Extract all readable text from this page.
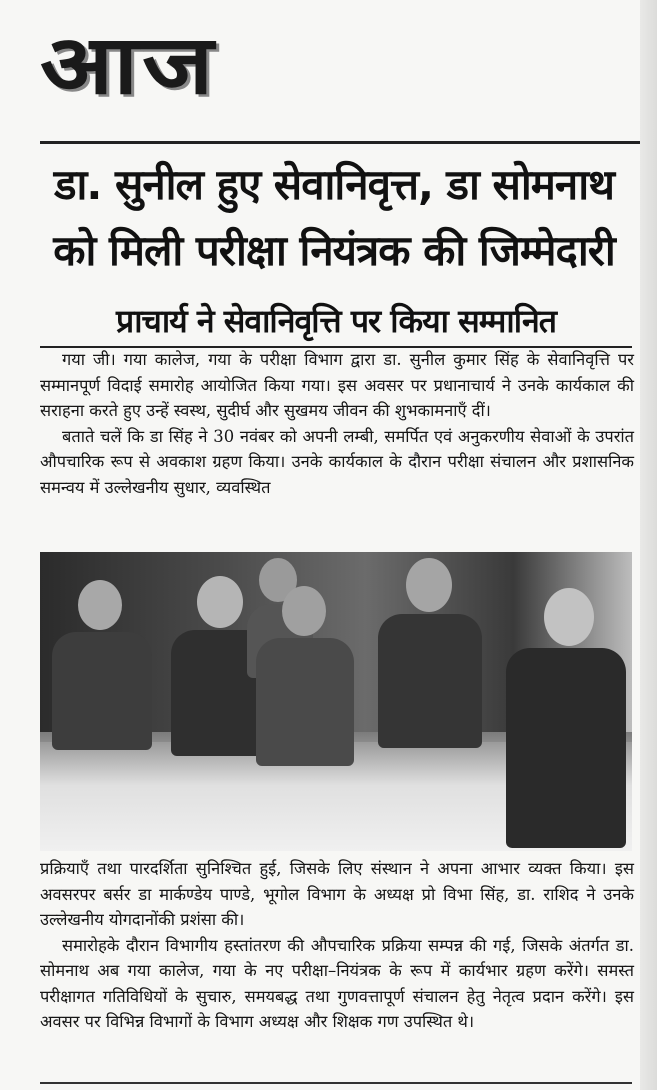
आज
डा. सुनील हुए सेवानिवृत्त, डा सोमनाथ
को मिली परीक्षा नियंत्रक की जिम्मेदारी
प्राचार्य ने सेवानिवृत्ति पर किया सम्मानित

गया जी। गया कालेज, गया के परीक्षा विभाग द्वारा डा. सुनील कुमार सिंह के सेवानिवृत्ति पर सम्मानपूर्ण विदाई समारोह आयोजित किया गया। इस अवसर पर प्रधानाचार्य ने उनके कार्यकाल की सराहना करते हुए उन्हें स्वस्थ, सुदीर्घ और सुखमय जीवन की शुभकामनाएँ दीं।

बताते चलें कि डा सिंह ने 30 नवंबर को अपनी लम्बी, समर्पित एवं अनुकरणीय सेवाओं के उपरांत औपचारिक रूप से अवकाश ग्रहण किया। उनके कार्यकाल के दौरान परीक्षा संचालन और प्रशासनिक समन्वय में उल्लेखनीय सुधार, व्यवस्थित

प्रक्रियाएँ तथा पारदर्शिता सुनिश्चित हुई, जिसके लिए संस्थान ने अपना आभार व्यक्त किया। इस अवसरपर बर्सर डा मार्कण्डेय पाण्डे, भूगोल विभाग के अध्यक्ष प्रो विभा सिंह, डा. राशिद ने उनके उल्लेखनीय योगदानोंकी प्रशंसा की।

समारोहके दौरान विभागीय हस्तांतरण की औपचारिक प्रक्रिया सम्पन्न की गई, जिसके अंतर्गत डा. सोमनाथ अब गया कालेज, गया के नए परीक्षा–नियंत्रक के रूप में कार्यभार ग्रहण करेंगे। समस्त परीक्षागत गतिविधियों के सुचारु, समयबद्ध तथा गुणवत्तापूर्ण संचालन हेतु नेतृत्व प्रदान करेंगे। इस अवसर पर विभिन्न विभागों के विभाग अध्यक्ष और शिक्षक गण उपस्थित थे।
